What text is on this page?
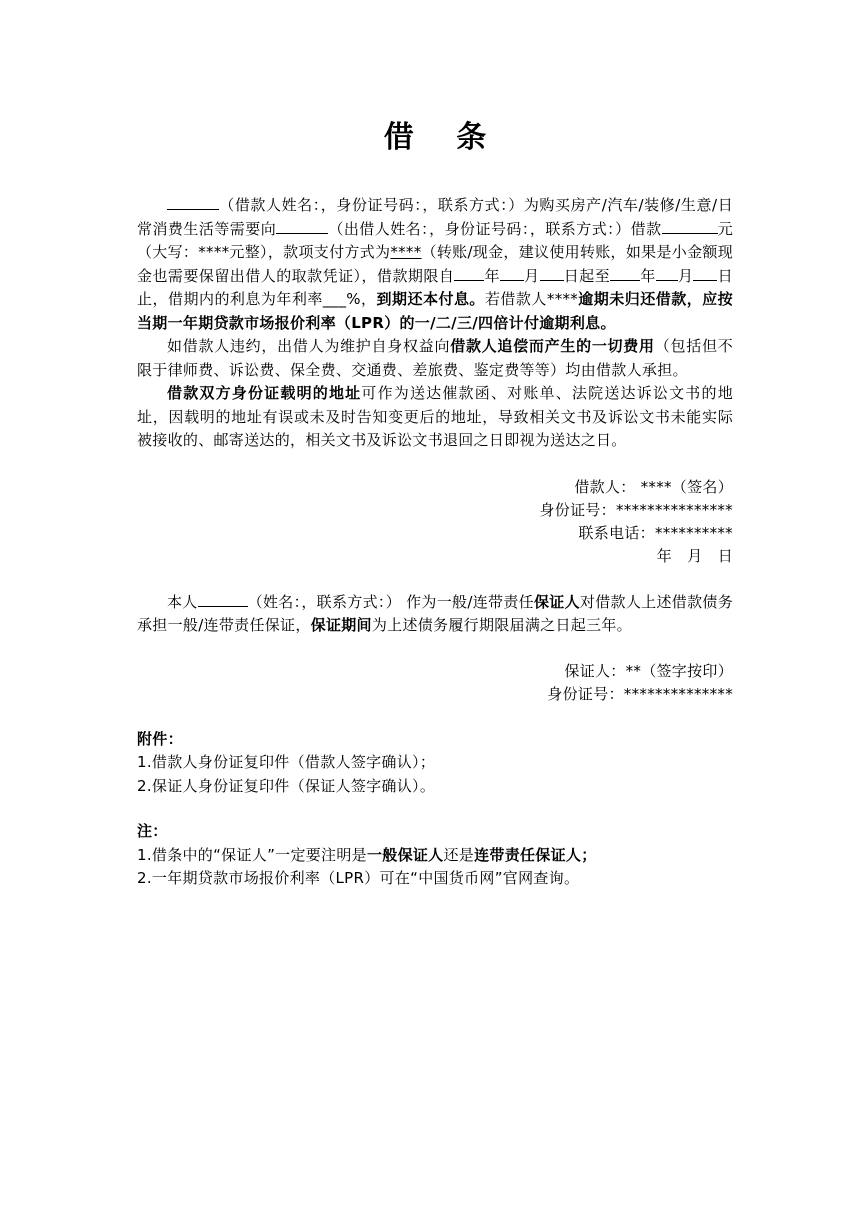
借 条

（借款人姓名：，身份证号码：，联系方式：）为购买房产/汽车/装修/生意/日常消费生活等需要向	（出借人姓名：，身份证号码：，联系方式：）借款	元（大写：****元整），款项支付方式为****（转账/现金，建议使用转账，如果是小金额现金也需要保留出借人的取款凭证），借款期限自 年 月 日起至 年 月 日止，借期内的利息为年利率___%，到期还本付息。若借款人****逾期未归还借款，应按当期一年期贷款市场报价利率（LPR）的一/二/三/四倍计付逾期利息。

如借款人违约，出借人为维护自身权益向借款人追偿而产生的一切费用（包括但不限于律师费、诉讼费、保全费、交通费、差旅费、鉴定费等等）均由借款人承担。

借款双方身份证载明的地址可作为送达催款函、对账单、法院送达诉讼文书的地址，因载明的地址有误或未及时告知变更后的地址，导致相关文书及诉讼文书未能实际被接收的、邮寄送达的，相关文书及诉讼文书退回之日即视为送达之日。

借款人： ****（签名）

身份证号：***************

联系电话：**********

年   月   日

本人	（姓名：，联系方式：） 作为一般/连带责任保证人对借款人上述借款债务承担一般/连带责任保证，保证期间为上述债务履行期限届满之日起三年。

保证人：**（签字按印）

身份证号：**************

附件：

1.借款人身份证复印件（借款人签字确认）；

2.保证人身份证复印件（保证人签字确认）。

注：

1.借条中的“保证人”一定要注明是一般保证人还是连带责任保证人；

2.一年期贷款市场报价利率（LPR）可在“中国货币网”官网查询。
